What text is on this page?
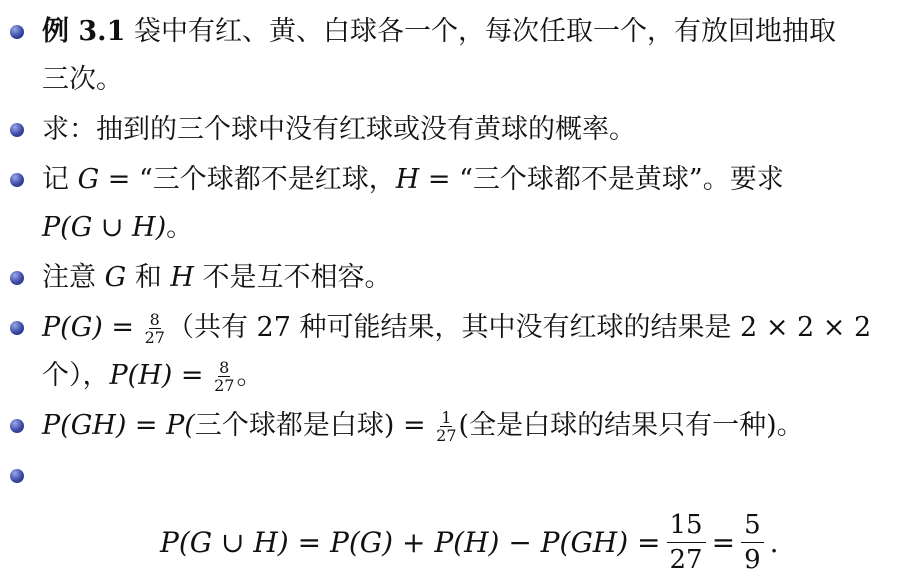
例 3.1 袋中有红、黄、白球各一个，每次任取一个，有放回地抽取
三次。
求：抽到的三个球中没有红球或没有黄球的概率。
记 G = “三个球都不是红球，H = “三个球都不是黄球”。要求
P(G ∪ H)。
注意 G 和 H 不是互不相容。
$P(G) = \frac{8}{27}$ （共有 27 种可能结果，其中没有红球的结果是 2 × 2 × 2
个），$P(H) = \frac{8}{27}$ 。
P(GH) = P(三个球都是白球) = $\frac{1}{27}$ (全是白球的结果只有一种)。
P(G ∪ $H) = P(G) + P(H) - P(GH) = \frac{15}{27} = \frac{5}{9}$ .
